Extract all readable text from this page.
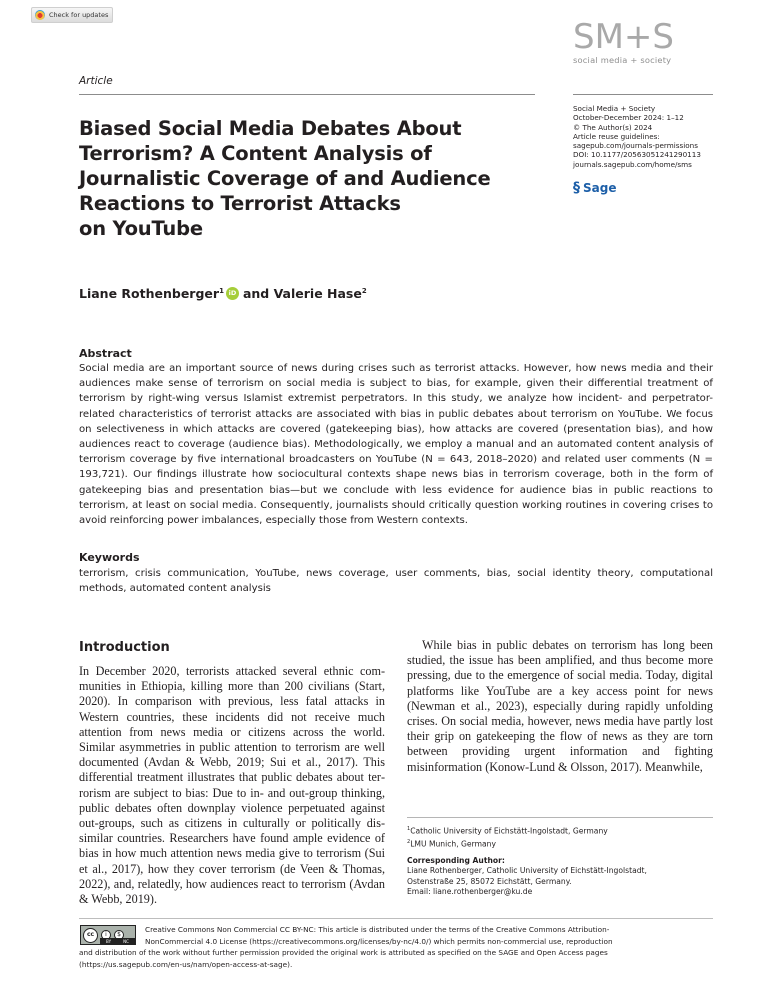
Check for updates
Article
SM+S
social media + society
Social Media + Society
October-December 2024: 1–12
© The Author(s) 2024
Article reuse guidelines:
sagepub.com/journals-permissions
DOI: 10.1177/20563051241290113
journals.sagepub.com/home/sms
§ Sage
Biased Social Media Debates About
Terrorism? A Content Analysis of
Journalistic Coverage of and Audience
Reactions to Terrorist Attacks
on YouTube
Liane Rothenberger$^1$ iD and Valerie Hase$^2$
Abstract
Social media are an important source of news during crises such as terrorist attacks. However, how news media and their audiences make sense of terrorism on social media is subject to bias, for example, given their differential treatment of terrorism by right-wing versus Islamist extremist perpetrators. In this study, we analyze how incident- and perpetrator-related characteristics of terrorist attacks are associated with bias in public debates about terrorism on YouTube. We focus on selectiveness in which attacks are covered (gatekeeping bias), how attacks are covered (presentation bias), and how audiences react to coverage (audience bias). Methodologically, we employ a manual and an automated content analysis of terrorism coverage by five international broadcasters on YouTube (N = 643, 2018–2020) and related user comments (N = 193,721). Our findings illustrate how sociocultural contexts shape news bias in terrorism coverage, both in the form of gatekeeping bias and presentation bias—but we conclude with less evidence for audience bias in public reactions to terrorism, at least on social media. Consequently, journalists should critically question working routines in covering crises to avoid reinforcing power imbalances, especially those from Western contexts.
Keywords
terrorism, crisis communication, YouTube, news coverage, user comments, bias, social identity theory, computational methods, automated content analysis
Introduction
In December 2020, terrorists attacked several ethnic communities in Ethiopia, killing more than 200 civilians (Start, 2020). In comparison with previous, less fatal attacks in Western countries, these incidents did not receive much attention from news media or citizens across the world. Similar asymmetries in public attention to terrorism are well documented (Avdan & Webb, 2019; Sui et al., 2017). This differential treatment illustrates that public debates about terrorism are subject to bias: Due to in- and out-group thinking, public debates often downplay violence perpetuated against out-groups, such as citizens in culturally or politically dissimilar countries. Researchers have found ample evidence of bias in how much attention news media give to terrorism (Sui et al., 2017), how they cover terrorism (de Veen & Thomas, 2022), and, relatedly, how audiences react to terrorism (Avdan & Webb, 2019).
While bias in public debates on terrorism has long been studied, the issue has been amplified, and thus become more pressing, due to the emergence of social media. Today, digital platforms like YouTube are a key access point for news (Newman et al., 2023), especially during rapidly unfolding crises. On social media, however, news media have partly lost their grip on gatekeeping the flow of news as they are torn between providing urgent information and fighting misinformation (Konow-Lund & Olsson, 2017). Meanwhile,
$^1$Catholic University of Eichstätt-Ingolstadt, Germany
$^2$LMU Munich, Germany
Corresponding Author:
Liane Rothenberger, Catholic University of Eichstätt-Ingolstadt,
Ostenstraße 25, 85072 Eichstätt, Germany.
Email: liane.rothenberger@ku.de
cc	i	$
BY	NC
Creative Commons Non Commercial CC BY-NC: This article is distributed under the terms of the Creative Commons Attribution-
NonCommercial 4.0 License (https://creativecommons.org/licenses/by-nc/4.0/) which permits non-commercial use, reproduction
and distribution of the work without further permission provided the original work is attributed as specified on the SAGE and Open Access pages
(https://us.sagepub.com/en-us/nam/open-access-at-sage).
